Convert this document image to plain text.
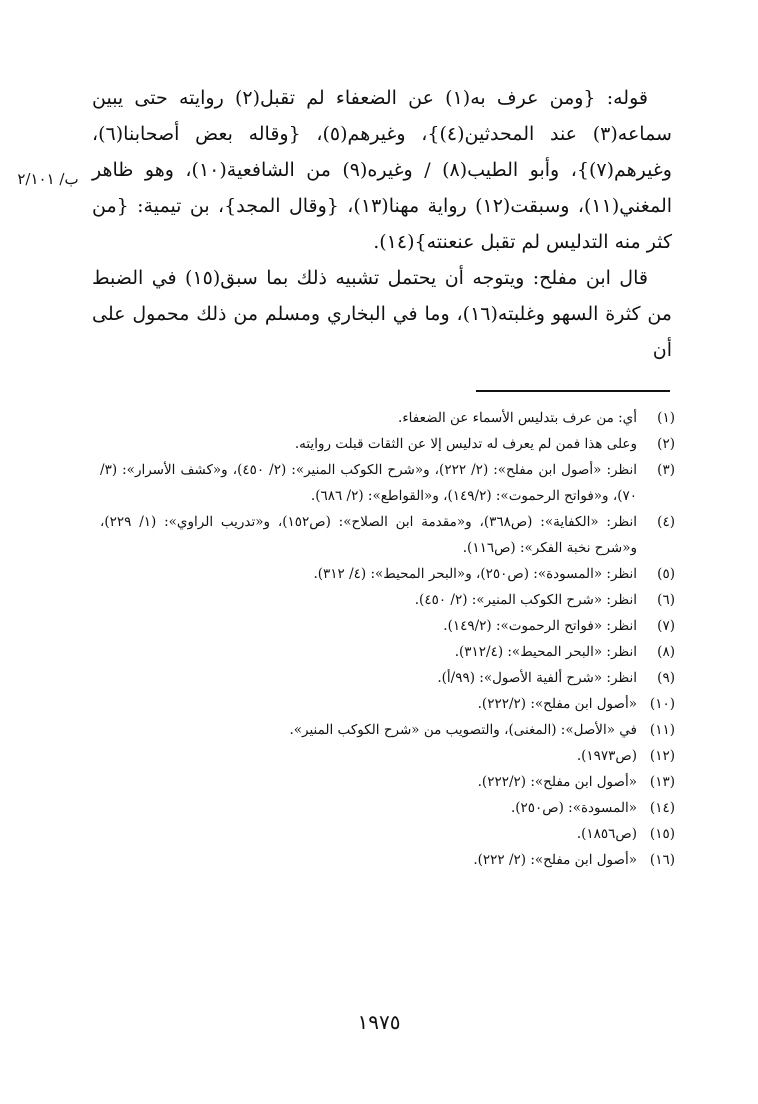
قوله: {ومن عرف به(١) عن الضعفاء لم تقبل(٢) روايته حتى يبين سماعه(٣) عند المحدثين(٤)}، وغيرهم(٥)، {وقاله بعض أصحابنا(٦)، وغيرهم(٧)}، وأبو الطيب(٨) / وغيره(٩) من الشافعية(١٠)، وهو ظاهر المغني(١١)، وسبقت(١٢) رواية مهنا(١٣)، {وقال المجد}، بن تيمية: {من كثر منه التدليس لم تقبل عنعنته}(١٤).

قال ابن مفلح: ويتوجه أن يحتمل تشبيه ذلك بما سبق(١٥) في الضبط من كثرة السهو وغلبته(١٦)، وما في البخاري ومسلم من ذلك محمول على أن

ب/ ٢/١٠١
(١)
أي: من عرف بتدليس الأسماء عن الضعفاء.
(٢)
وعلى هذا فمن لم يعرف له تدليس إلا عن الثقات قبلت روايته.
(٣)
انظر: «أصول ابن مفلح»: (٢/ ٢٢٢)، و«شرح الكوكب المنير»: (٢/ ٤٥٠)، و«كشف الأسرار»: (٣/ ٧٠)، و«فواتح الرحموت»: (١٤٩/٢)، و«القواطع»: (٢/ ٦٨٦).
(٤)
انظر: «الكفاية»: (ص٣٦٨)، و«مقدمة ابن الصلاح»: (ص١٥٢)، و«تدريب الراوي»: (١/ ٢٢٩)، و«شرح نخبة الفكر»: (ص١١٦).
(٥)
انظر: «المسودة»: (ص٢٥٠)، و«البحر المحيط»: (٤/ ٣١٢).
(٦)
انظر: «شرح الكوكب المنير»: (٢/ ٤٥٠).
(٧)
انظر: «فواتح الرحموت»: (١٤٩/٢).
(٨)
انظر: «البحر المحيط»: (٣١٢/٤).
(٩)
انظر: «شرح ألفية الأصول»: (٩٩/أ).
(١٠)
«أصول ابن مفلح»: (٢٢٢/٢).
(١١)
في «الأصل»: (المغنى)، والتصويب من «شرح الكوكب المنير».
(١٢)
(ص١٩٧٣).
(١٣)
«أصول ابن مفلح»: (٢٢٢/٢).
(١٤)
«المسودة»: (ص٢٥٠).
(١٥)
(ص١٨٥٦).
(١٦)
«أصول ابن مفلح»: (٢/ ٢٢٢).
١٩٧٥
